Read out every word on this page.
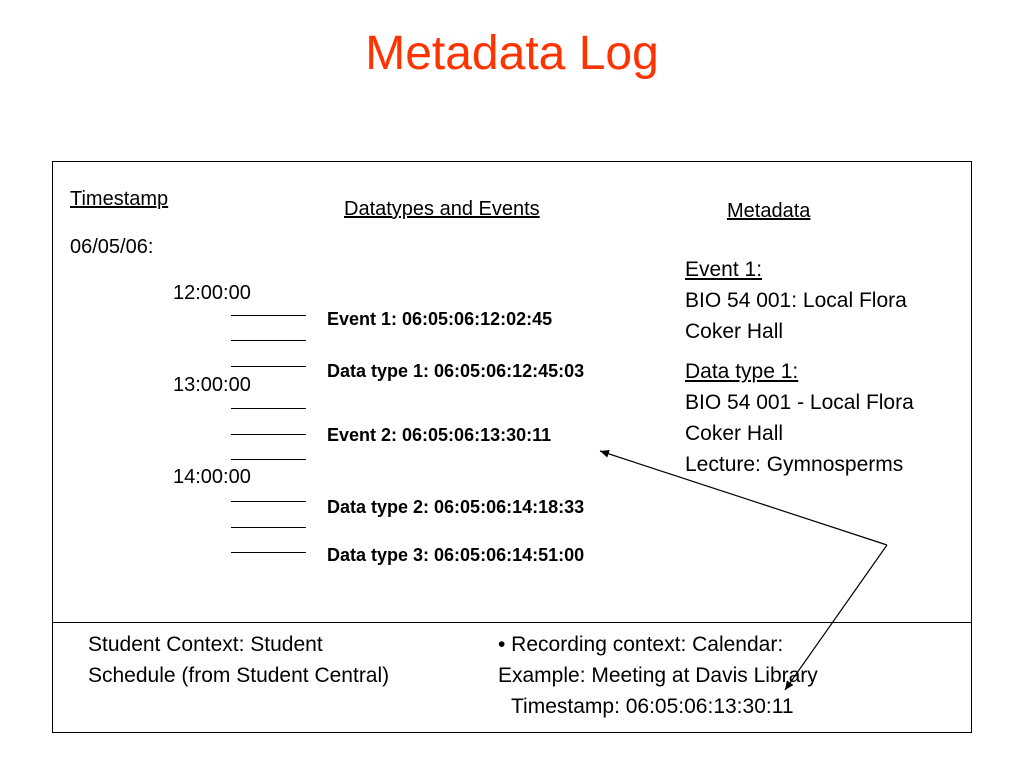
Metadata Log
Timestamp	Datatypes and Events	Metadata
06/05/06:
12:00:00
13:00:00
14:00:00
Event 1: 06:05:06:12:02:45
Data type 1: 06:05:06:12:45:03
Event 2: 06:05:06:13:30:11
Data type 2: 06:05:06:14:18:33
Data type 3: 06:05:06:14:51:00
Event 1:
BIO 54 001: Local Flora
Coker Hall
Data type 1:
BIO 54 001 - Local Flora
Coker Hall
Lecture: Gymnosperms
Student Context: Student
Schedule (from Student Central)
• Recording context: Calendar:
Example: Meeting at Davis Library
Timestamp: 06:05:06:13:30:11
